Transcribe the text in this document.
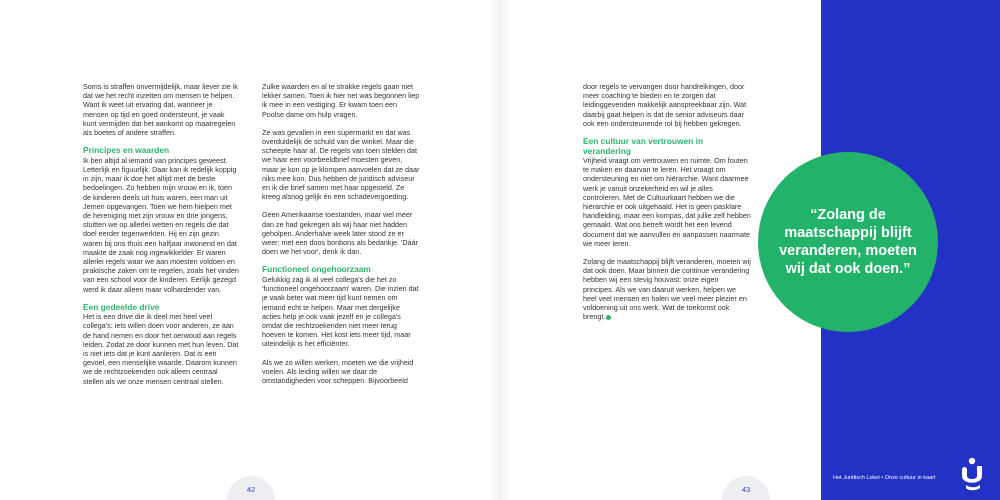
Soms is straffen onvermijdelijk, maar liever zie ik dat we het recht inzetten om mensen te helpen. Want ik weet uit ervaring dat, wanneer je mensen op tijd en goed ondersteunt, je vaak kunt vermijden dat het aankomt op maatregelen als boetes of andere straffen.

Principes en waarden

Ik ben altijd al iemand van principes geweest. Letterlijk en figuurlijk. Daar kan ik redelijk koppig in zijn, maar ik doe het altijd met de beste bedoelingen. Zo hebben mijn vrouw en ik, toen de kinderen deels uit huis waren, een man uit Jemen opgevangen. Toen we hem hielpen met de hereniging met zijn vrouw en drie jongens, stuitten we op allerlei wetten en regels die dat doel eerder tegenwerkten. Hij en zijn gezin waren bij ons thuis een halfjaar inwonend en dat maakte de zaak nog ingewikkelder. Er waren allerlei regels waar we aan moesten voldoen en praktische zaken om te regelen, zoals het vinden van een school voor de kinderen. Eerlijk gezegd werd ik daar alleen maar volhardender van.

Een gedeelde drive

Het is een drive die ik deel met heel veel collega's: iets willen doen voor anderen, ze aan de hand nemen en door het oerwoud aan regels leiden. Zodat ze door kunnen met hun leven. Dat is niet iets dat je kunt aanleren. Dat is een gevoel, een menselijke waarde. Daarom kunnen we de rechtzoekenden ook alleen centraal stellen als we onze mensen centraal stellen.

Zulke waarden en al te strakke regels gaan niet lekker samen. Toen ik hier net was begonnen liep ik mee in een vestiging. Er kwam toen een Poolse dame om hulp vragen.

Ze was gevallen in een supermarkt en dat was overduidelijk de schuld van die winkel. Maar die scheepte haar af. De regels van toen stelden dat we haar een voorbeeldbrief moesten geven, maar je kon op je klompen aanvoelen dat ze daar niks mee kon. Dus hebben de juridisch adviseur en ik die brief samen met haar opgesteld. Ze kreeg alsnog gelijk én een schadevergoeding.

Geen Amerikaanse toestanden, maar wel meer dan ze had gekregen als wij haar niet hadden geholpen. Anderhalve week later stond ze er weer: met een doos bonbons als bedankje. 'Dáár doen we het voor', denk ik dan.

Functioneel ongehoorzaam

Gelukkig zag ik al veel collega's die het zo 'functioneel ongehoorzaam' waren. Die inzien dat je vaak beter wat meer tijd kunt nemen om iemand echt te helpen. Maar met dergelijke acties help je ook vaak jezelf en je collega's omdat die rechtzoekenden niet meer terug hoeven te komen. Het kost iets meer tijd, maar uiteindelijk is het efficiënter.

Als we zo willen werken, moeten we die vrijheid voelen. Als leiding willen we daar de omstandigheden voor scheppen. Bijvoorbeeld

door regels te vervangen door handreikingen, door meer coaching te bieden en te zorgen dat leidinggevenden makkelijk aanspreekbaar zijn. Wat daarbij gaat helpen is dat de senior adviseurs daar ook een ondersteunende rol bij hebben gekregen.

Een cultuur van vertrouwen in verandering

Vrijheid vraagt om vertrouwen en ruimte. Om fouten te maken en daarvan te leren. Het vraagt om ondersteuning en niet om hiërarchie. Want daarmee werk je vanuit onzekerheid en wil je alles controleren. Met de Cultuurkaart hebben we die hiërarchie er ook uitgehaald. Het is geen pasklare handleiding, maar een kompas, dat jullie zelf hebben gemaakt. Wat ons betreft wordt het een levend document dat we aanvullen en aanpassen naarmate we meer leren.

Zolang de maatschappij blijft veranderen, moeten wij dat ook doen. Maar binnen die continue verandering hebben wij een stevig houvast: onze eigen principes. Als we van daaruit werken, helpen we heel veel mensen en halen we veel meer plezier en voldoening uit ons werk. Wat de toekomst ook brengt.

42	43
“Zolang de maatschappij blijft veranderen, moeten wij dat ook doen.”
Het Juridisch Loket • Onze cultuur in kaart
